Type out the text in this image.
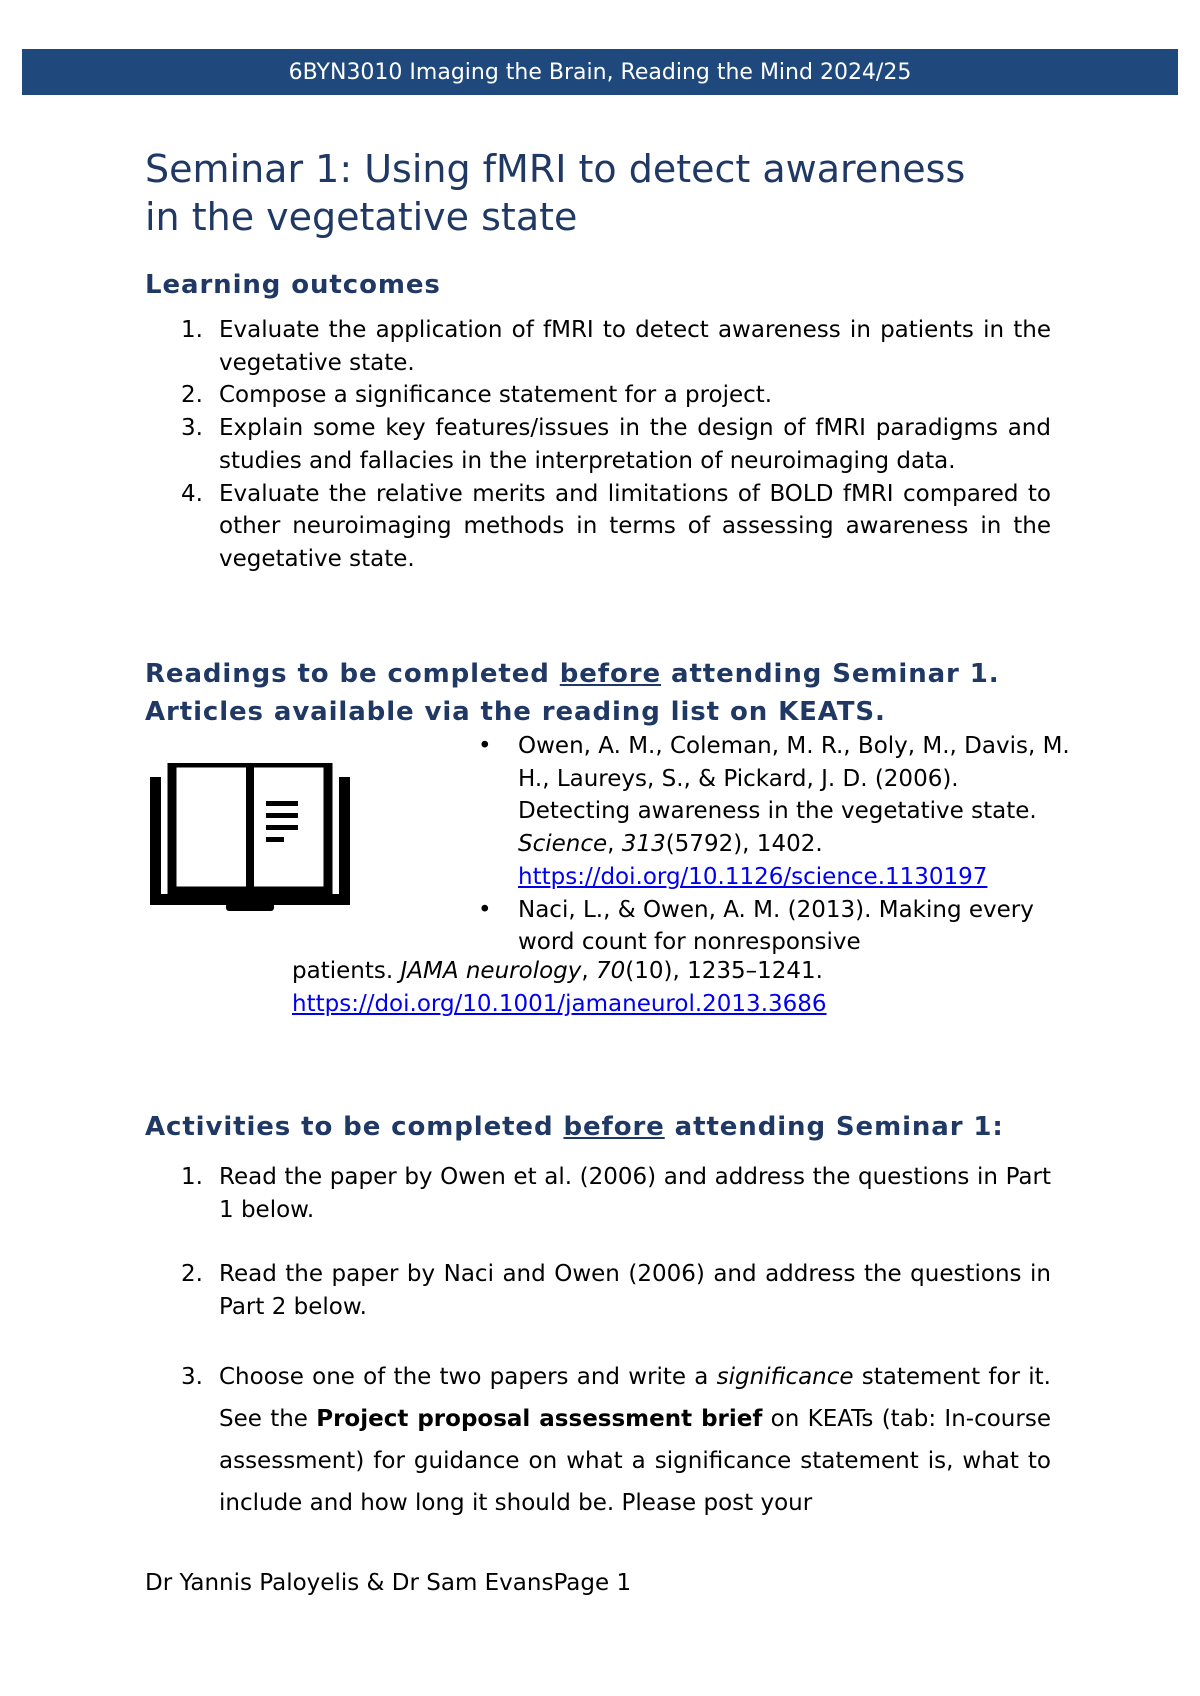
6BYN3010 Imaging the Brain, Reading the Mind 2024/25
Seminar 1: Using fMRI to detect awareness
in the vegetative state
Learning outcomes
1. Evaluate the application of fMRI to detect awareness in patients in the vegetative state.
2. Compose a significance statement for a project.
3. Explain some key features/issues in the design of fMRI paradigms and studies and fallacies in the interpretation of neuroimaging data.
4. Evaluate the relative merits and limitations of BOLD fMRI compared to other neuroimaging methods in terms of assessing awareness in the vegetative state.
Readings to be completed before attending Seminar 1.
Articles available via the reading list on KEATS.
• Owen, A. M., Coleman, M. R., Boly, M., Davis, M. H., Laureys, S., & Pickard, J. D. (2006). Detecting awareness in the vegetative state. Science, 313(5792), 1402. https://doi.org/10.1126/science.1130197
• Naci, L., & Owen, A. M. (2013). Making every word count for nonresponsive
patients. JAMA neurology, 70(10), 1235–1241.
https://doi.org/10.1001/jamaneurol.2013.3686
Activities to be completed before attending Seminar 1:
1. Read the paper by Owen et al. (2006) and address the questions in Part 1 below.
2. Read the paper by Naci and Owen (2006) and address the questions in Part 2 below.
3. Choose one of the two papers and write a significance statement for it. See the Project proposal assessment brief on KEATs (tab: In-course assessment) for guidance on what a significance statement is, what to include and how long it should be. Please post your
Dr Yannis Paloyelis & Dr Sam EvansPage 1
